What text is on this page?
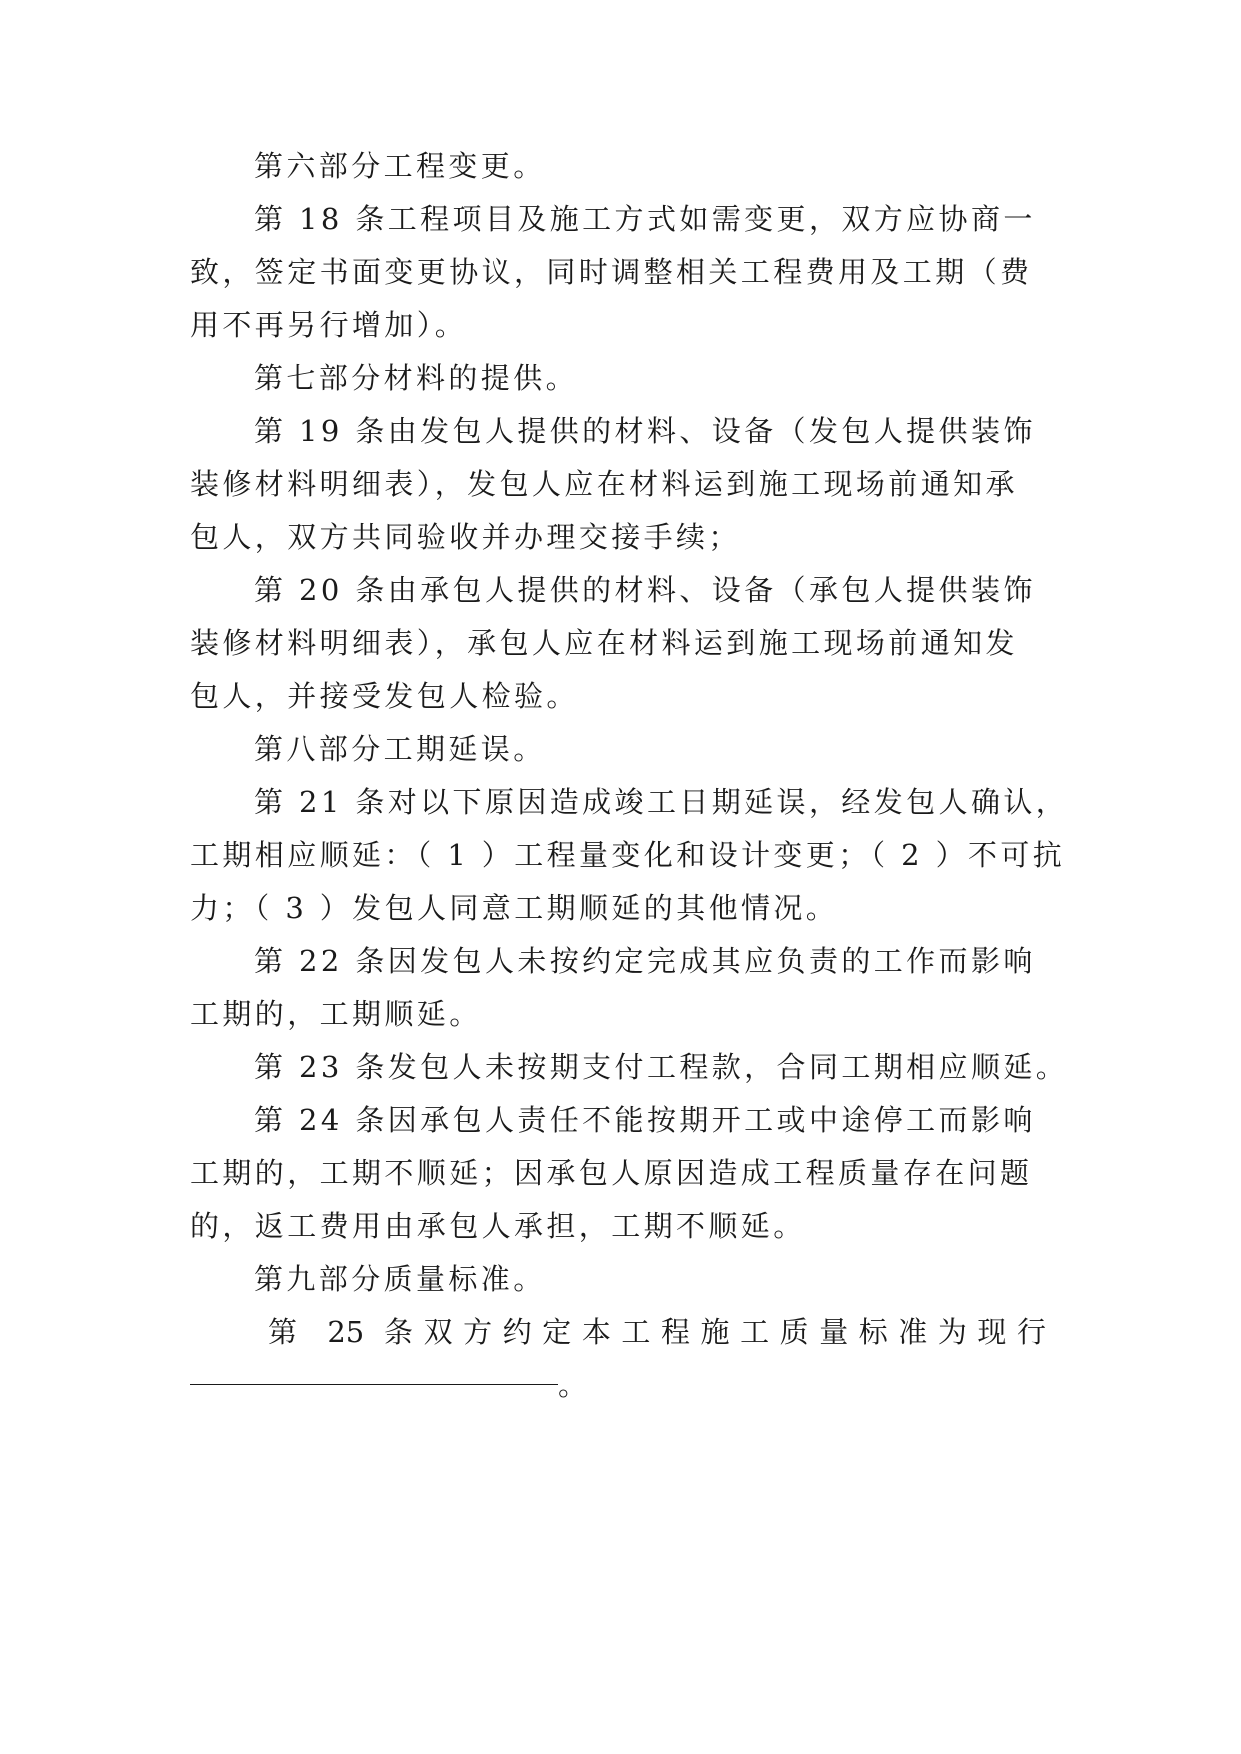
第六部分工程变更。
第 18 条工程项目及施工方式如需变更，双方应协商一
致，签定书面变更协议，同时调整相关工程费用及工期（费
用不再另行增加）。
第七部分材料的提供。
第 19 条由发包人提供的材料、设备（发包人提供装饰
装修材料明细表），发包人应在材料运到施工现场前通知承
包人，双方共同验收并办理交接手续；
第 20 条由承包人提供的材料、设备（承包人提供装饰
装修材料明细表），承包人应在材料运到施工现场前通知发
包人，并接受发包人检验。
第八部分工期延误。
第 21 条对以下原因造成竣工日期延误，经发包人确认，
工期相应顺延：（ 1 ）工程量变化和设计变更；（ 2 ）不可抗
力；（ 3 ）发包人同意工期顺延的其他情况。
第 22 条因发包人未按约定完成其应负责的工作而影响
工期的，工期顺延。
第 23 条发包人未按期支付工程款，合同工期相应顺延。
第 24 条因承包人责任不能按期开工或中途停工而影响
工期的，工期不顺延；因承包人原因造成工程质量存在问题
的，返工费用由承包人承担，工期不顺延。
第九部分质量标准。
第 25 条双方约定本工程施工质量标准为现行
。
